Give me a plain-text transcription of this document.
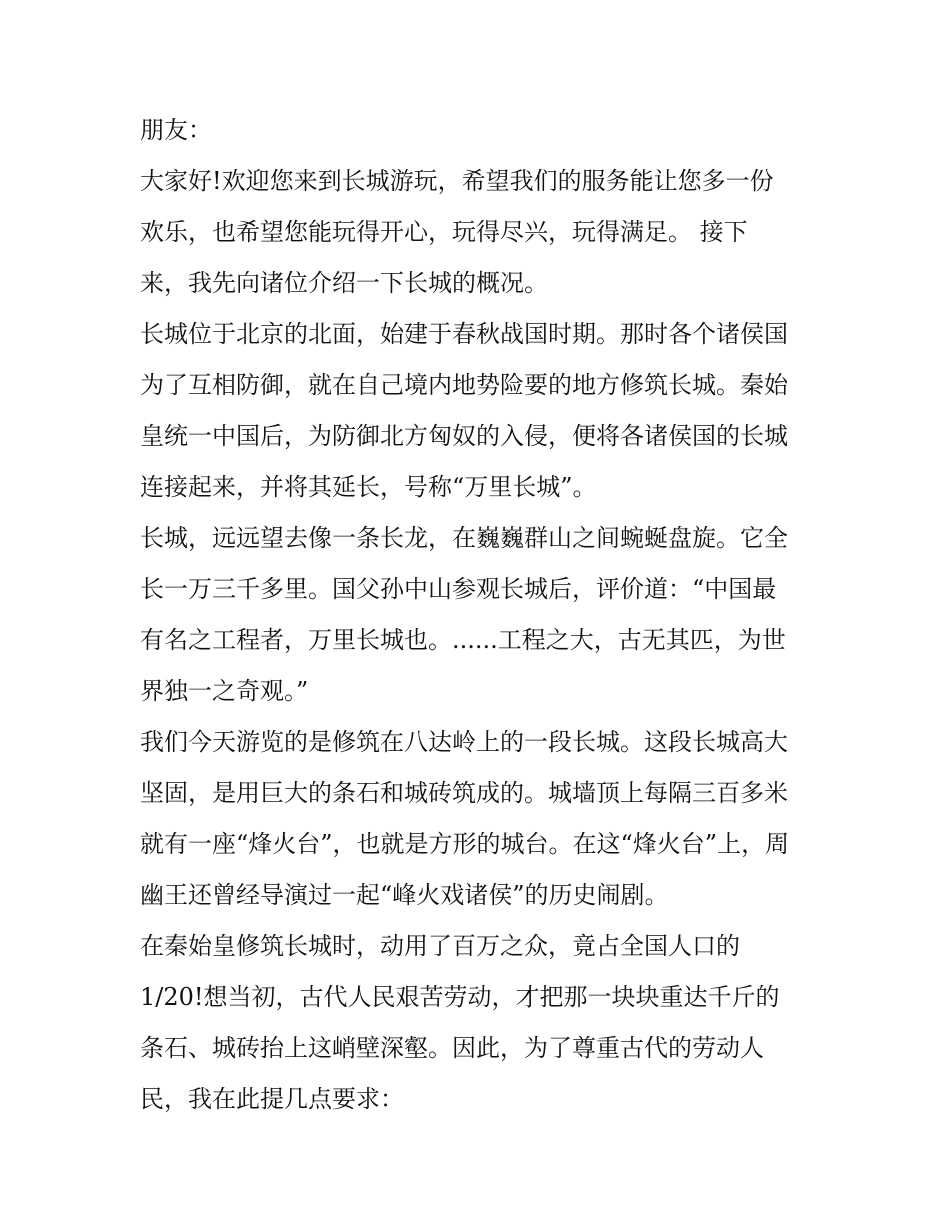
朋友：
大家好!欢迎您来到长城游玩，希望我们的服务能让您多一份
欢乐，也希望您能玩得开心，玩得尽兴，玩得满足。 接下
来，我先向诸位介绍一下长城的概况。
长城位于北京的北面，始建于春秋战国时期。那时各个诸侯国
为了互相防御，就在自己境内地势险要的地方修筑长城。秦始
皇统一中国后，为防御北方匈奴的入侵，便将各诸侯国的长城
连接起来，并将其延长，号称“万里长城”。
长城，远远望去像一条长龙，在巍巍群山之间蜿蜒盘旋。它全
长一万三千多里。国父孙中山参观长城后，评价道：“中国最
有名之工程者，万里长城也。......工程之大，古无其匹，为世
界独一之奇观。”
我们今天游览的是修筑在八达岭上的一段长城。这段长城高大
坚固，是用巨大的条石和城砖筑成的。城墙顶上每隔三百多米
就有一座“烽火台”，也就是方形的城台。在这“烽火台”上，周
幽王还曾经导演过一起“峰火戏诸侯”的历史闹剧。
在秦始皇修筑长城时，动用了百万之众，竟占全国人口的
1/20!想当初，古代人民艰苦劳动，才把那一块块重达千斤的
条石、城砖抬上这峭壁深壑。因此，为了尊重古代的劳动人
民，我在此提几点要求：
